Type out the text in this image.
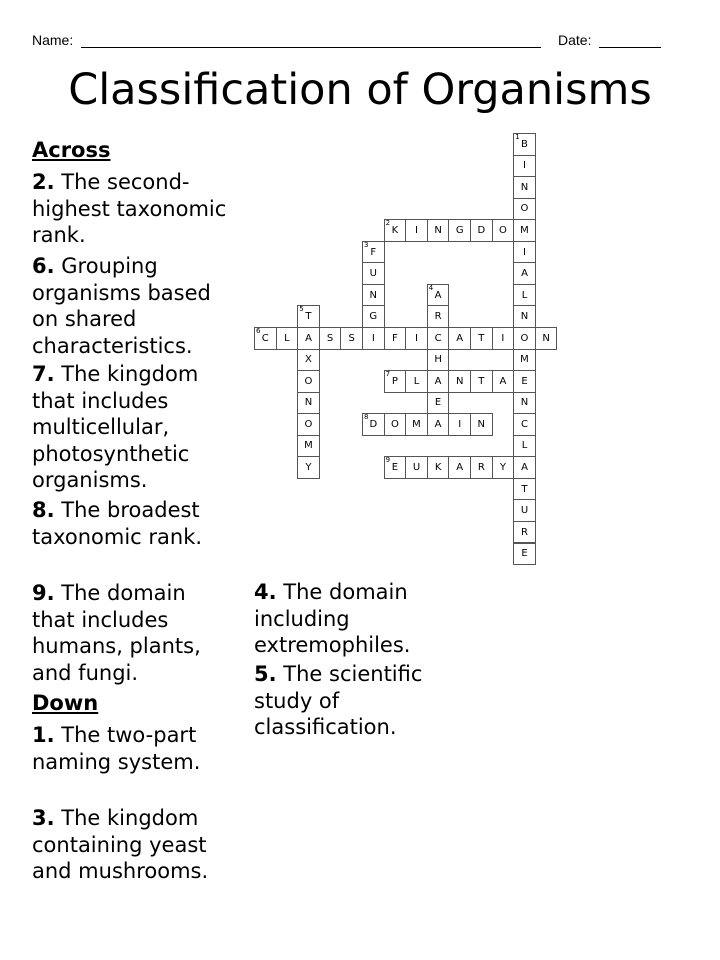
Name:	Date:
Classification of Organisms
Across
2. The second-highest taxonomic rank.
6. Grouping organisms based on shared characteristics.
7. The kingdom that includes multicellular, photosynthetic organisms.
8. The broadest taxonomic rank.
9. The domain that includes humans, plants, and fungi.
Down
1. The two-part naming system.
3. The kingdom containing yeast and mushrooms.
4. The domain including extremophiles.
5. The scientific study of classification.
B
1
I
N
O
M
I
A
L
N
O
M
E
N
C
L
A
T
U
R
E
K
2
I	N	G	D	O
F
3
U
N
G
I
A
4
R
C
H
A
E
A
T
5
A
X
O
N
O
M
Y
C
6
L	S	S	F	I	A	T	I	N
P
7
L	N	T	A
D
8
O	M	I	N
E
9
U	K	A	R	Y
